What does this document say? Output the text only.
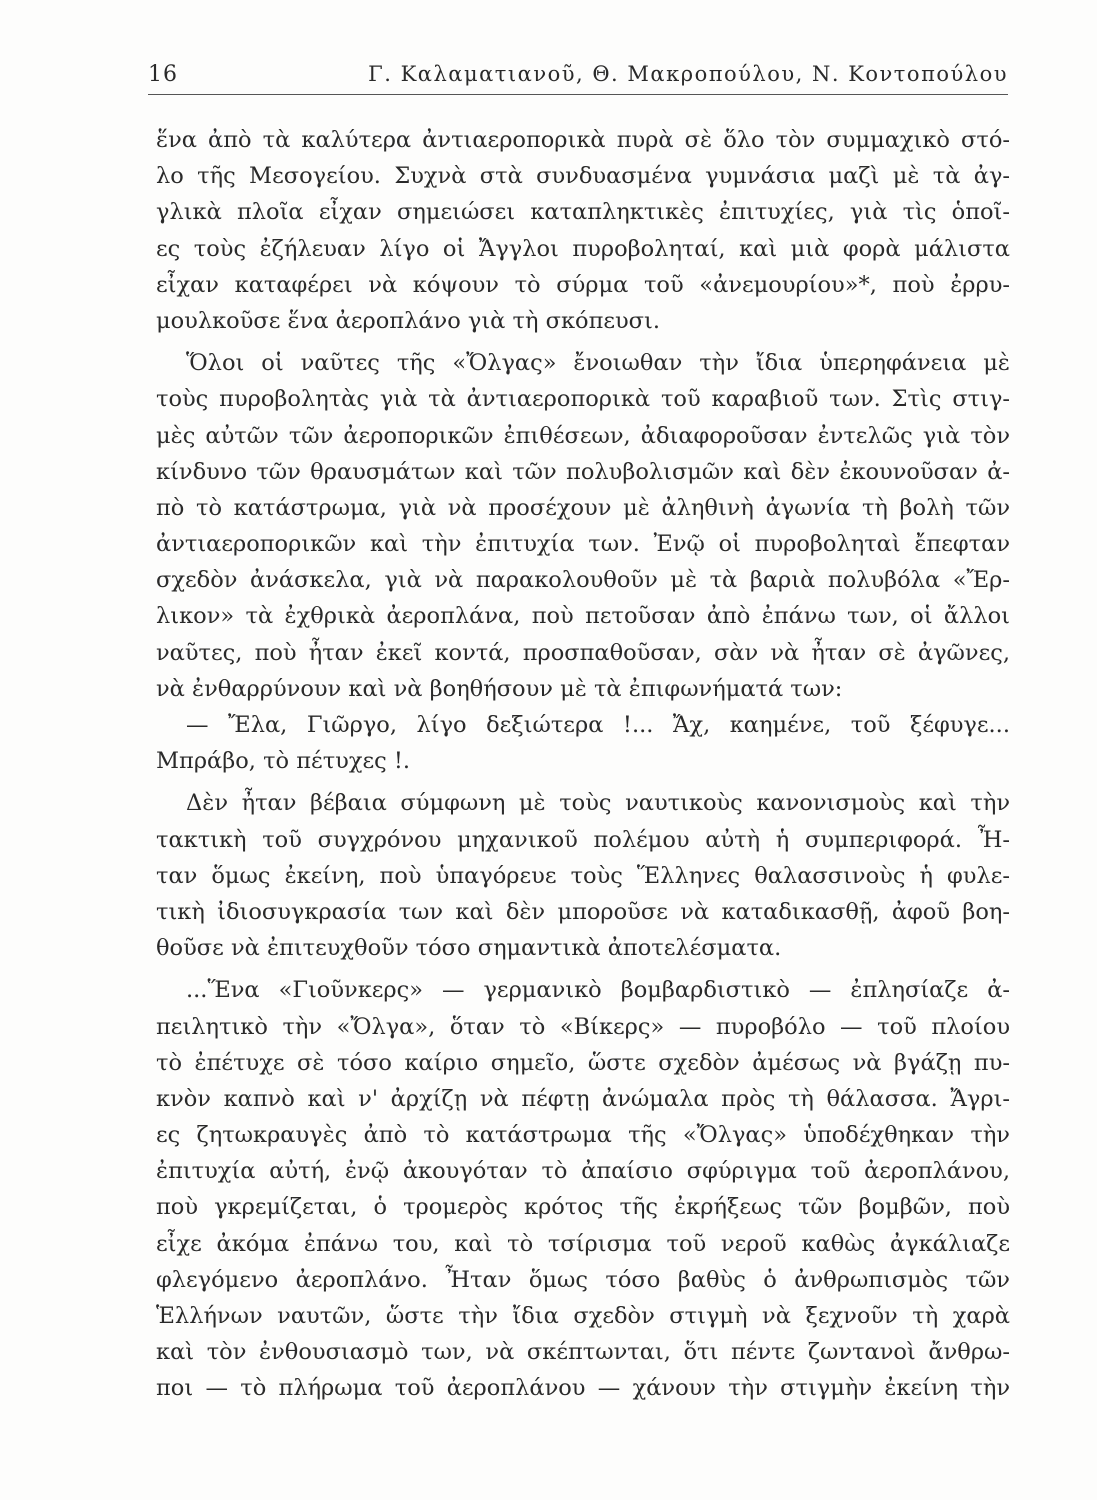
16	Γ. Καλαματιανοῦ, Θ. Μακροπούλου, Ν. Κοντοπούλου
ἕνα ἀπὸ τὰ καλύτερα ἀντιαεροπορικὰ πυρὰ σὲ ὅλο τὸν συμμαχικὸ στό-
λο τῆς Μεσογείου. Συχνὰ στὰ συνδυασμένα γυμνάσια μαζὶ μὲ τὰ ἀγ-
γλικὰ πλοῖα εἶχαν σημειώσει καταπληκτικὲς ἐπιτυχίες, γιὰ τὶς ὁποῖ-
ες τοὺς ἐζήλευαν λίγο οἱ Ἄγγλοι πυροβοληταί, καὶ μιὰ φορὰ μάλιστα
εἶχαν καταφέρει νὰ κόψουν τὸ σύρμα τοῦ «ἀνεμουρίου»*, ποὺ ἐρρυ-
μουλκοῦσε ἕνα ἀεροπλάνο γιὰ τὴ σκόπευσι.
Ὅλοι οἱ ναῦτες τῆς «Ὄλγας» ἔνοιωθαν τὴν ἴδια ὑπερηφάνεια μὲ
τοὺς πυροβολητὰς γιὰ τὰ ἀντιαεροπορικὰ τοῦ καραβιοῦ των. Στὶς στιγ-
μὲς αὐτῶν τῶν ἀεροπορικῶν ἐπιθέσεων, ἀδιαφοροῦσαν ἐντελῶς γιὰ τὸν
κίνδυνο τῶν θραυσμάτων καὶ τῶν πολυβολισμῶν καὶ δὲν ἐκουνοῦσαν ἀ-
πὸ τὸ κατάστρωμα, γιὰ νὰ προσέχουν μὲ ἀληθινὴ ἀγωνία τὴ βολὴ τῶν
ἀντιαεροπορικῶν καὶ τὴν ἐπιτυχία των. Ἐνῷ οἱ πυροβοληταὶ ἔπεφταν
σχεδὸν ἀνάσκελα, γιὰ νὰ παρακολουθοῦν μὲ τὰ βαριὰ πολυβόλα «Ἔρ-
λικον» τὰ ἐχθρικὰ ἀεροπλάνα, ποὺ πετοῦσαν ἀπὸ ἐπάνω των, οἱ ἄλλοι
ναῦτες, ποὺ ἦταν ἐκεῖ κοντά, προσπαθοῦσαν, σὰν νὰ ἦταν σὲ ἀγῶνες,
νὰ ἐνθαρρύνουν καὶ νὰ βοηθήσουν μὲ τὰ ἐπιφωνήματά των:
— Ἔλα, Γιῶργο, λίγο δεξιώτερα !... Ἄχ, καημένε, τοῦ ξέφυγε...
Μπράβο, τὸ πέτυχες !.
Δὲν ἦταν βέβαια σύμφωνη μὲ τοὺς ναυτικοὺς κανονισμοὺς καὶ τὴν
τακτικὴ τοῦ συγχρόνου μηχανικοῦ πολέμου αὐτὴ ἡ συμπεριφορά. Ἦ-
ταν ὅμως ἐκείνη, ποὺ ὑπαγόρευε τοὺς Ἕλληνες θαλασσινοὺς ἡ φυλε-
τικὴ ἰδιοσυγκρασία των καὶ δὲν μποροῦσε νὰ καταδικασθῇ, ἀφοῦ βοη-
θοῦσε νὰ ἐπιτευχθοῦν τόσο σημαντικὰ ἀποτελέσματα.
...Ἕνα «Γιοῦνκερς» — γερμανικὸ βομβαρδιστικὸ — ἐπλησίαζε ἀ-
πειλητικὸ τὴν «Ὄλγα», ὅταν τὸ «Βίκερς» — πυροβόλο — τοῦ πλοίου
τὸ ἐπέτυχε σὲ τόσο καίριο σημεῖο, ὥστε σχεδὸν ἀμέσως νὰ βγάζῃ πυ-
κνὸν καπνὸ καὶ ν' ἀρχίζῃ νὰ πέφτῃ ἀνώμαλα πρὸς τὴ θάλασσα. Ἄγρι-
ες ζητωκραυγὲς ἀπὸ τὸ κατάστρωμα τῆς «Ὄλγας» ὑποδέχθηκαν τὴν
ἐπιτυχία αὐτή, ἐνῷ ἀκουγόταν τὸ ἀπαίσιο σφύριγμα τοῦ ἀεροπλάνου,
ποὺ γκρεμίζεται, ὁ τρομερὸς κρότος τῆς ἐκρήξεως τῶν βομβῶν, ποὺ
εἶχε ἀκόμα ἐπάνω του, καὶ τὸ τσίρισμα τοῦ νεροῦ καθὼς ἀγκάλιαζε
φλεγόμενο ἀεροπλάνο. Ἦταν ὅμως τόσο βαθὺς ὁ ἀνθρωπισμὸς τῶν
Ἑλλήνων ναυτῶν, ὥστε τὴν ἴδια σχεδὸν στιγμὴ νὰ ξεχνοῦν τὴ χαρὰ
καὶ τὸν ἐνθουσιασμὸ των, νὰ σκέπτωνται, ὅτι πέντε ζωντανοὶ ἄνθρω-
ποι — τὸ πλήρωμα τοῦ ἀεροπλάνου — χάνουν τὴν στιγμὴν ἐκείνη τὴν
